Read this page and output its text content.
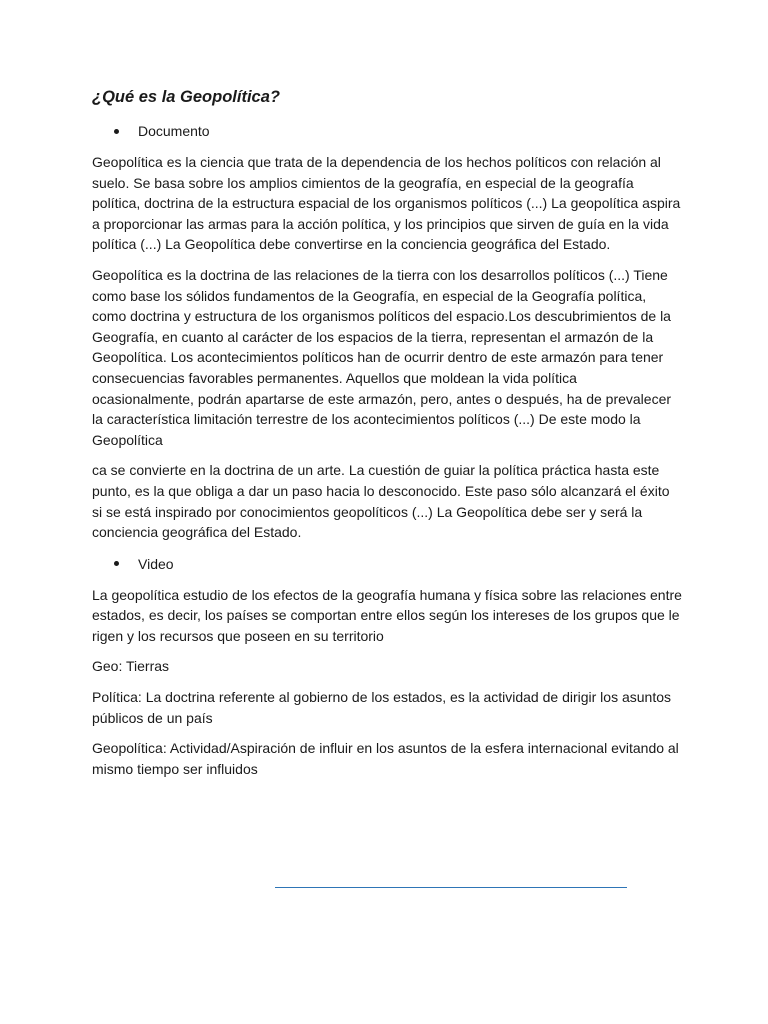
¿Qué es la Geopolítica?
Documento

Geopolítica es la ciencia que trata de la dependencia de los hechos políticos con relación al suelo. Se basa sobre los amplios cimientos de la geografía, en especial de la geografía política, doctrina de la estructura espacial de los organismos políticos (...) La geopolítica aspira a proporcionar las armas para la acción política, y los principios que sirven de guía en la vida política (...) La Geopolítica debe convertirse en la conciencia geográfica del Estado.

Geopolítica es la doctrina de las relaciones de la tierra con los desarrollos políticos (...) Tiene como base los sólidos fundamentos de la Geografía, en especial de la Geografía política, como doctrina y estructura de los organismos políticos del espacio.Los descubrimientos de la Geografía, en cuanto al carácter de los espacios de la tierra, representan el armazón de la Geopolítica. Los acontecimientos políticos han de ocurrir dentro de este armazón para tener consecuencias favorables permanentes. Aquellos que moldean la vida política ocasionalmente, podrán apartarse de este armazón, pero, antes o después, ha de prevalecer la característica limitación terrestre de los acontecimientos políticos (...) De este modo la Geopolítica

ca se convierte en la doctrina de un arte. La cuestión de guiar la política práctica hasta este punto, es la que obliga a dar un paso hacia lo desconocido. Este paso sólo alcanzará el éxito si se está inspirado por conocimientos geopolíticos (...) La Geopolítica debe ser y será la conciencia geográfica del Estado.

Video

La geopolítica estudio de los efectos de la geografía humana y física sobre las relaciones entre estados, es decir, los países se comportan entre ellos según los intereses de los grupos que le rigen y los recursos que poseen en su territorio

Geo: Tierras

Política: La doctrina referente al gobierno de los estados, es la actividad de dirigir los asuntos públicos de un país

Geopolítica: Actividad/Aspiración de influir en los asuntos de la esfera internacional evitando al mismo tiempo ser influidos
